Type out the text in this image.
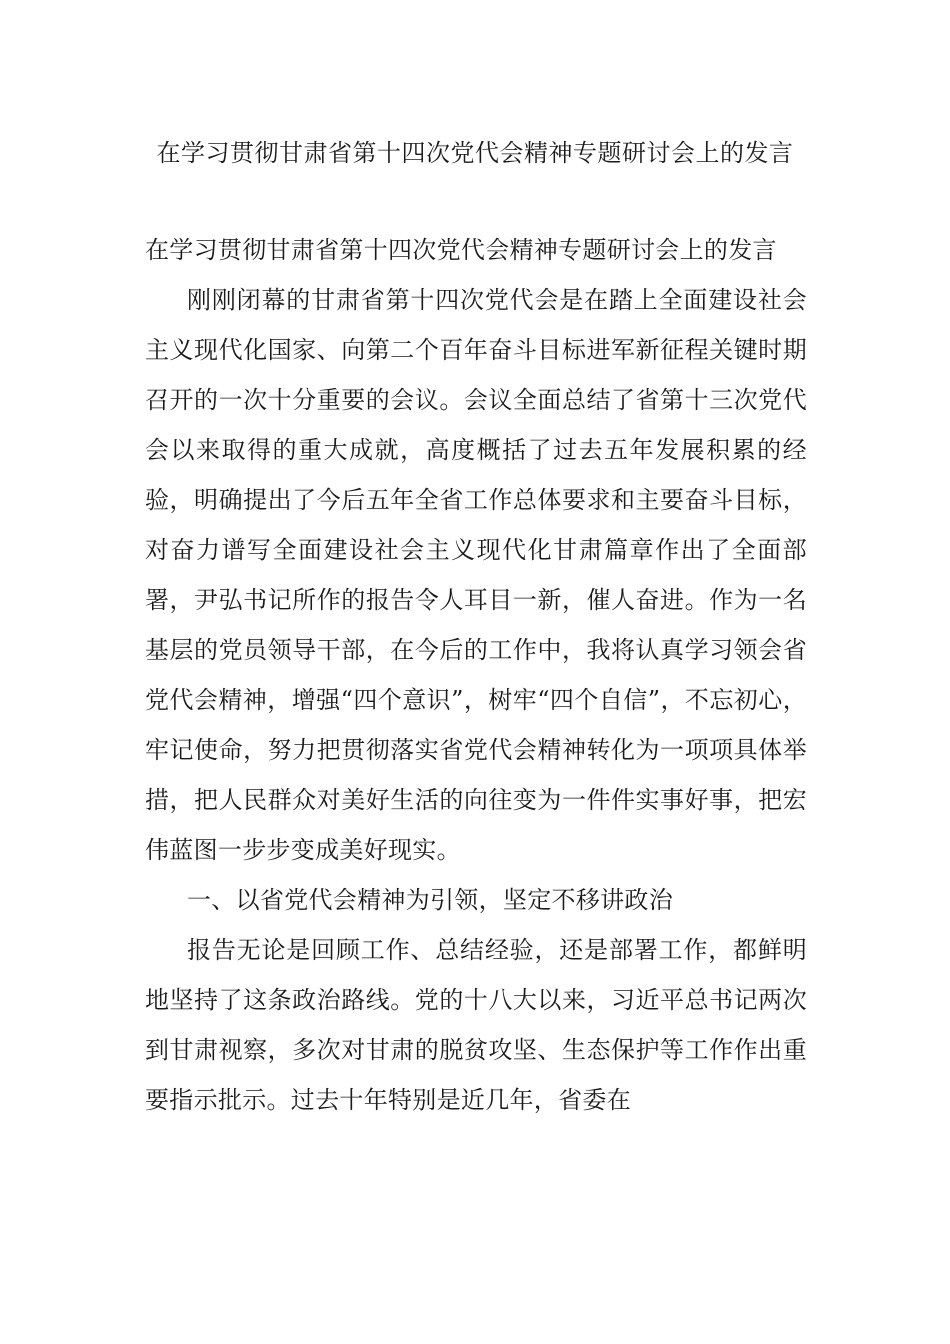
在学习贯彻甘肃省第十四次党代会精神专题研讨会上的发言

在学习贯彻甘肃省第十四次党代会精神专题研讨会上的发言

刚刚闭幕的甘肃省第十四次党代会是在踏上全面建设社会主义现代化国家、向第二个百年奋斗目标进军新征程关键时期召开的一次十分重要的会议。会议全面总结了省第十三次党代会以来取得的重大成就，高度概括了过去五年发展积累的经验，明确提出了今后五年全省工作总体要求和主要奋斗目标，对奋力谱写全面建设社会主义现代化甘肃篇章作出了全面部署，尹弘书记所作的报告令人耳目一新，催人奋进。作为一名基层的党员领导干部，在今后的工作中，我将认真学习领会省党代会精神，增强“四个意识”，树牢“四个自信”，不忘初心，牢记使命，努力把贯彻落实省党代会精神转化为一项项具体举措，把人民群众对美好生活的向往变为一件件实事好事，把宏伟蓝图一步步变成美好现实。

一、以省党代会精神为引领，坚定不移讲政治

报告无论是回顾工作、总结经验，还是部署工作，都鲜明地坚持了这条政治路线。党的十八大以来，习近平总书记两次到甘肃视察，多次对甘肃的脱贫攻坚、生态保护等工作作出重要指示批示。过去十年特别是近几年，省委在
